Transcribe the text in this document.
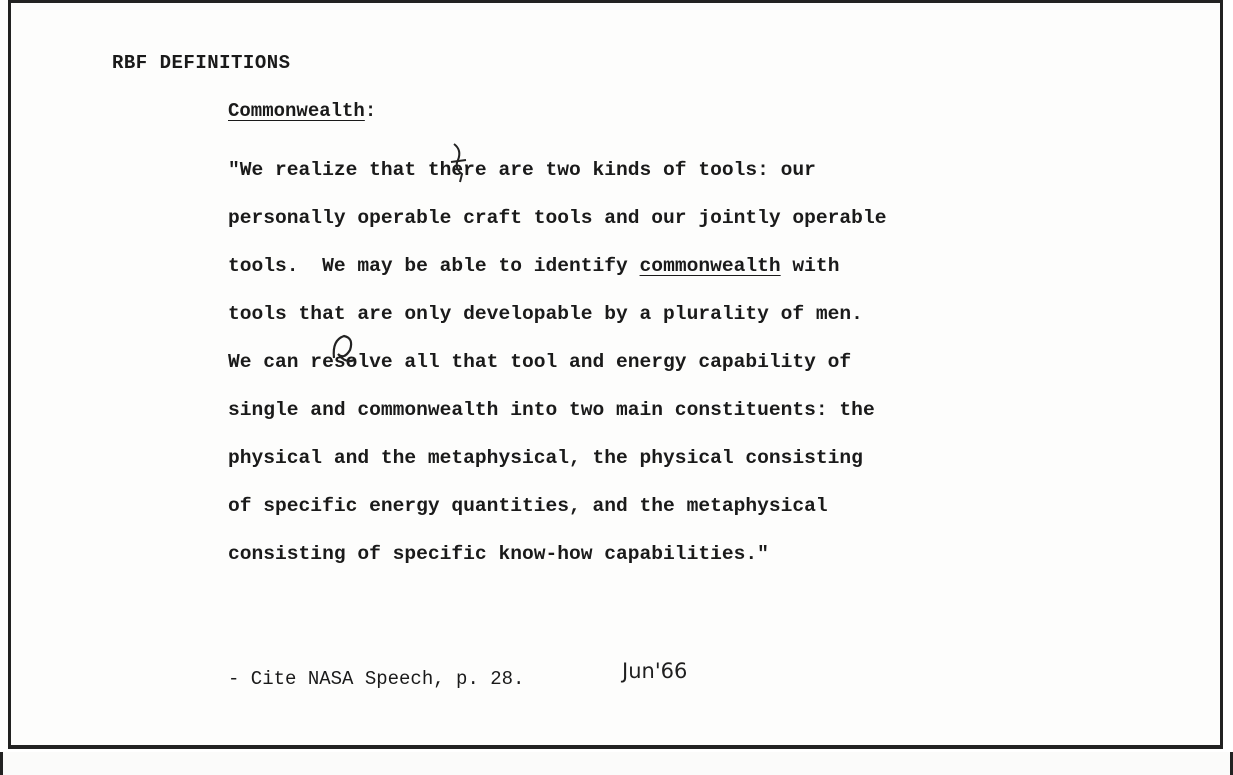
RBF DEFINITIONS
Commonwealth:
"We realize that there are two kinds of tools: our
personally operable craft tools and our jointly operable
tools.  We may be able to identify commonwealth with
tools that are only developable by a plurality of men.
We can resolve all that tool and energy capability of
single and commonwealth into two main constituents: the
physical and the metaphysical, the physical consisting
of specific energy quantities, and the metaphysical
consisting of specific know-how capabilities."
- Cite NASA Speech, p. 28.	Jun'66
